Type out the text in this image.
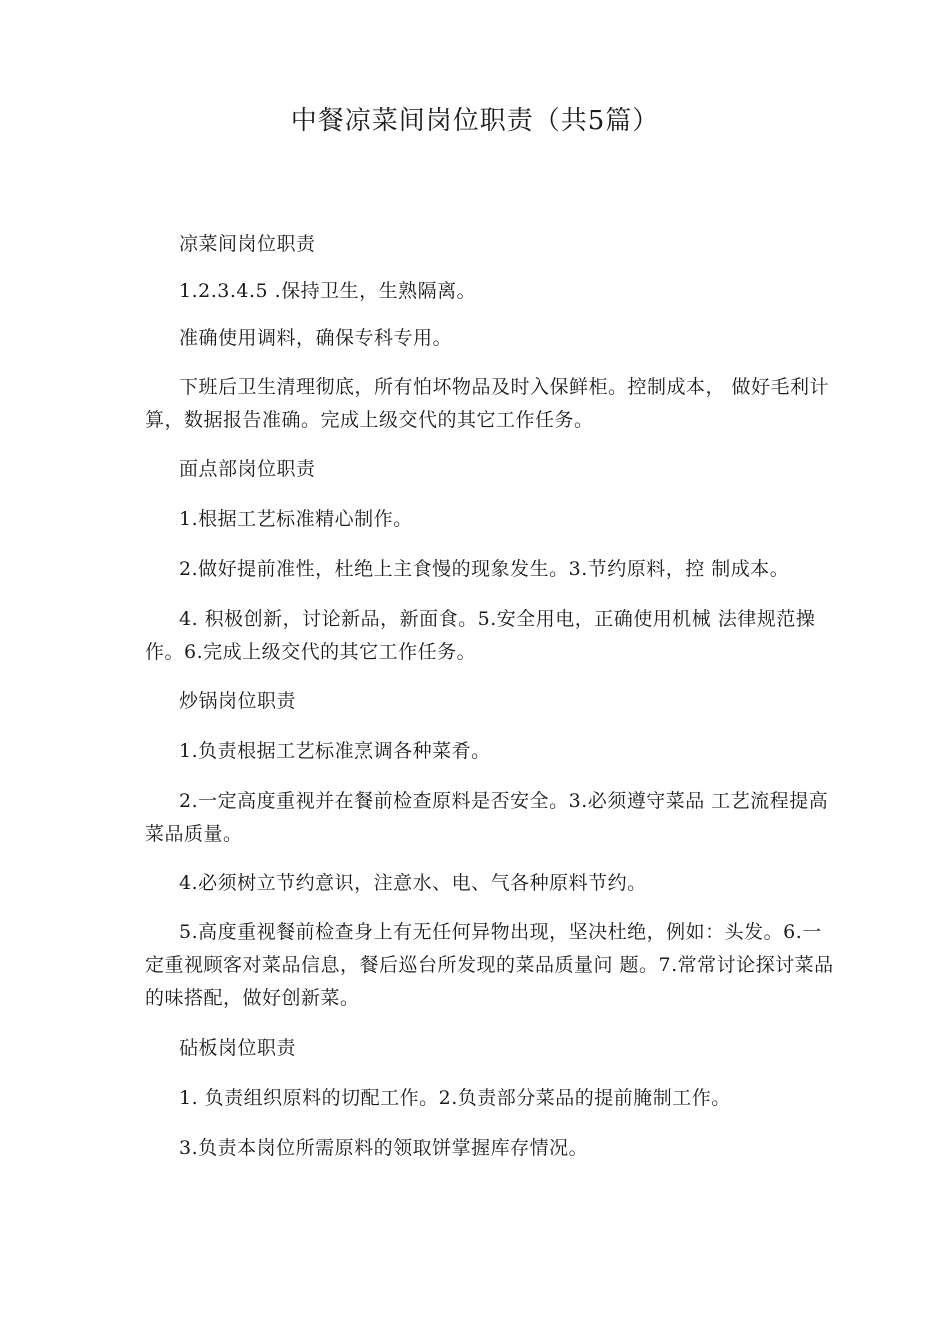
中餐凉菜间岗位职责（共5篇）

凉菜间岗位职责

1.2.3.4.5 .保持卫生，生熟隔离。

准确使用调料，确保专科专用。

下班后卫生清理彻底，所有怕坏物品及时入保鲜柜。控制成本， 做好毛利计算，数据报告准确。完成上级交代的其它工作任务。

面点部岗位职责

1.根据工艺标准精心制作。

2.做好提前准性，杜绝上主食慢的现象发生。3.节约原料，控 制成本。

4. 积极创新，讨论新品，新面食。5.安全用电，正确使用机械 法律规范操作。6.完成上级交代的其它工作任务。

炒锅岗位职责

1.负责根据工艺标准烹调各种菜肴。

2.一定高度重视并在餐前检查原料是否安全。3.必须遵守菜品 工艺流程提高菜品质量。

4.必须树立节约意识，注意水、电、气各种原料节约。

5.高度重视餐前检查身上有无任何异物出现，坚决杜绝，例如：头发。6.一定重视顾客对菜品信息，餐后巡台所发现的菜品质量问 题。7.常常讨论探讨菜品的味搭配，做好创新菜。

砧板岗位职责

1. 负责组织原料的切配工作。2.负责部分菜品的提前腌制工作。

3.负责本岗位所需原料的领取饼掌握库存情况。
